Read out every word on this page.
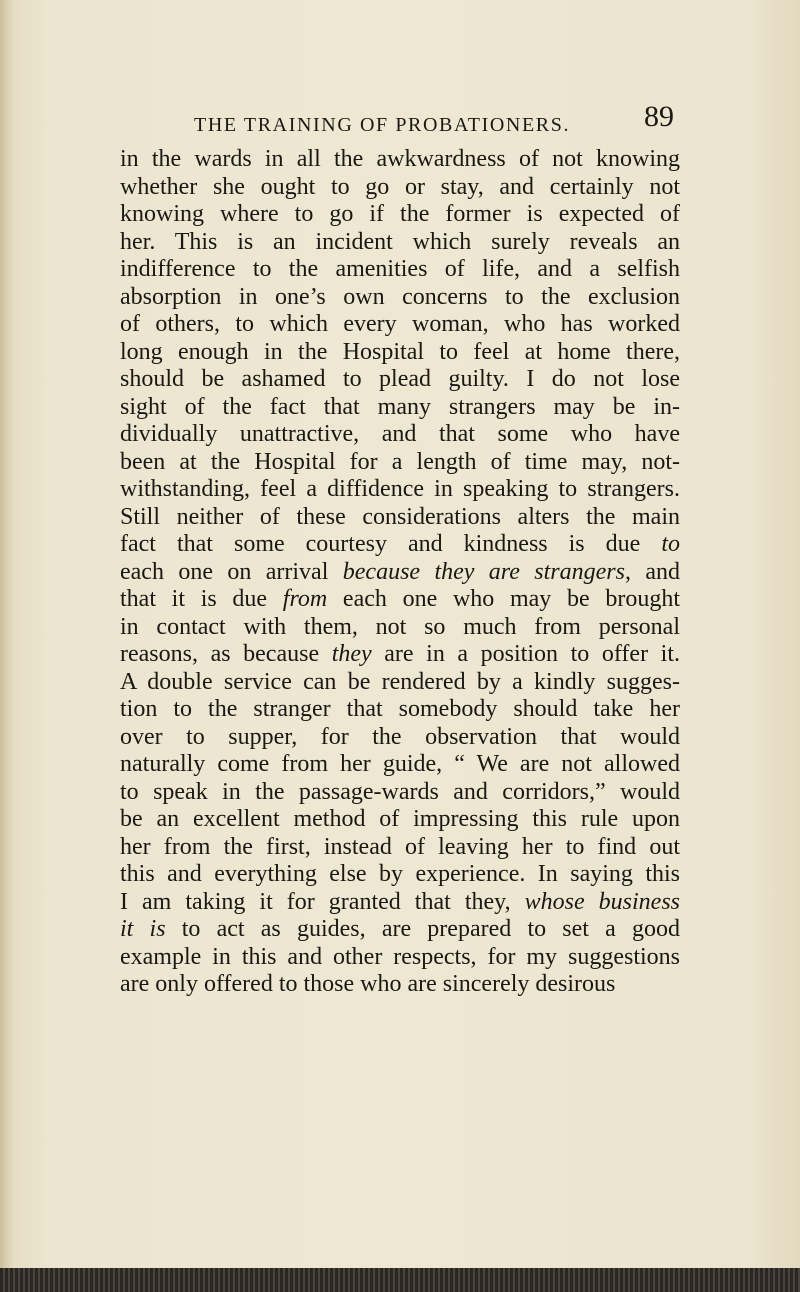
THE TRAINING OF PROBATIONERS. 89
in the wards in all the awkwardness of not knowing
whether she ought to go or stay, and certainly not
knowing where to go if the former is expected of
her. This is an incident which surely reveals an
indifference to the amenities of life, and a selfish
absorption in one’s own concerns to the exclusion
of others, to which every woman, who has worked
long enough in the Hospital to feel at home there,
should be ashamed to plead guilty. I do not lose
sight of the fact that many strangers may be in-
dividually unattractive, and that some who have
been at the Hospital for a length of time may, not-
withstanding, feel a diffidence in speaking to strangers.
Still neither of these considerations alters the main
fact that some courtesy and kindness is due to
each one on arrival because they are strangers, and
that it is due from each one who may be brought
in contact with them, not so much from personal
reasons, as because they are in a position to offer it.
A double service can be rendered by a kindly sugges-
tion to the stranger that somebody should take her
over to supper, for the observation that would
naturally come from her guide, “ We are not allowed
to speak in the passage-wards and corridors,” would
be an excellent method of impressing this rule upon
her from the first, instead of leaving her to find out
this and everything else by experience. In saying this
I am taking it for granted that they, whose business
it is to act as guides, are prepared to set a good
example in this and other respects, for my suggestions
are only offered to those who are sincerely desirous
